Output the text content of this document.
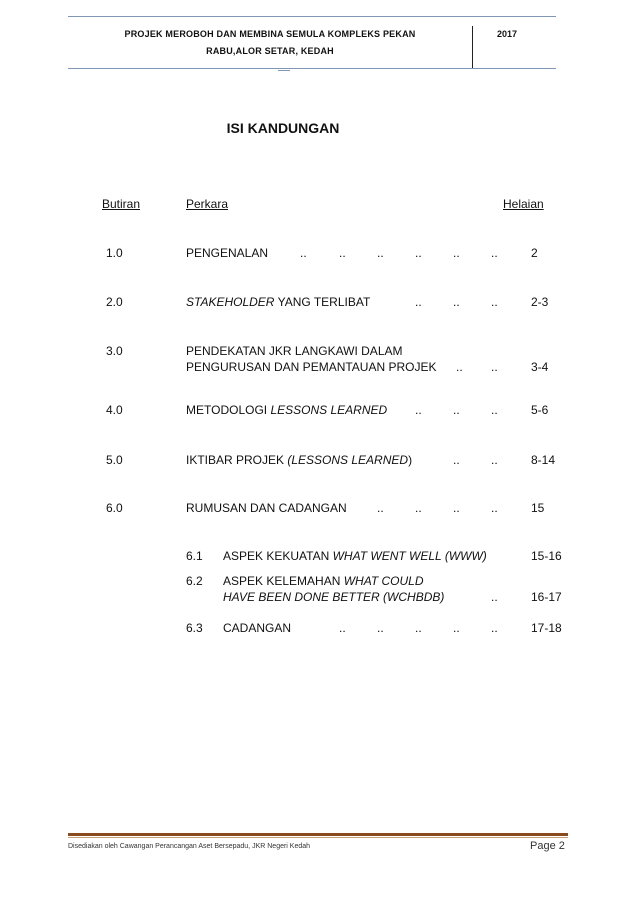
PROJEK MEROBOH DAN MEMBINA SEMULA KOMPLEKS PEKAN
RABU,ALOR SETAR, KEDAH
2017
ISI KANDUNGAN
Butiran	Perkara	Helaian
1.0	PENGENALAN	..	..	..	..	..	..	2
2.0	STAKEHOLDER YANG TERLIBAT	..	..	..	2-3
3.0	PENDEKATAN JKR LANGKAWI DALAM
PENGURUSAN DAN PEMANTAUAN PROJEK .. ..	3-4
4.0	METODOLOGI LESSONS LEARNED ..	..	..	5-6
5.0	IKTIBAR PROJEK (LESSONS LEARNED)	..	..	8-14
6.0	RUMUSAN DAN CADANGAN	..	..	..	..	15
6.1 ASPEK KEKUATAN WHAT WENT WELL (WWW)	15-16
6.2 ASPEK KELEMAHAN WHAT COULD
HAVE BEEN DONE BETTER (WCHBDB)	..	16-17
6.3 CADANGAN	..	..	..	..	..	17-18
Disediakan oleh Cawangan Perancangan Aset Bersepadu, JKR Negeri Kedah	Page 2
